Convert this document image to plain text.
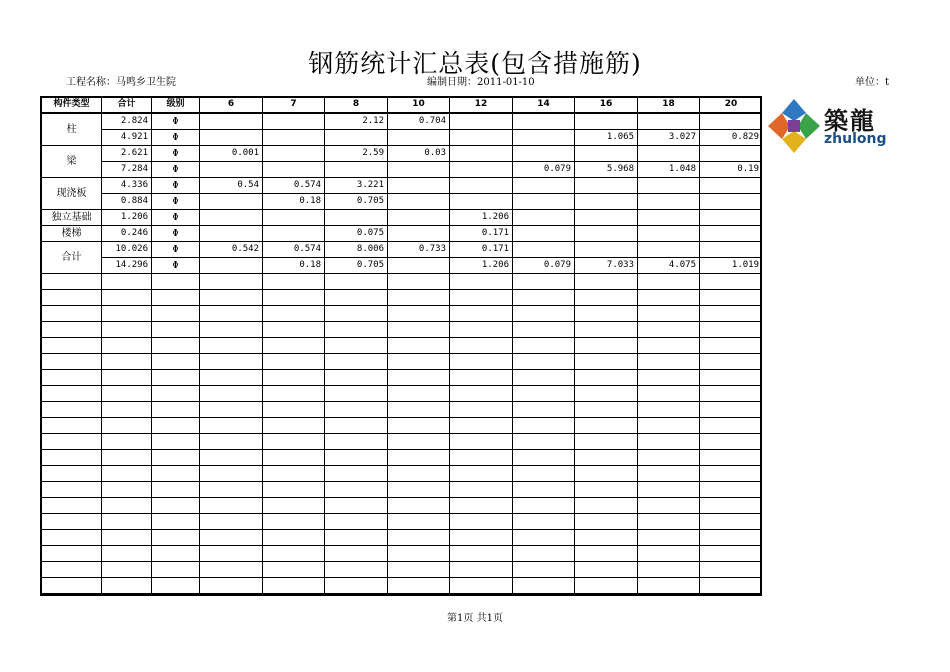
钢筋统计汇总表(包含措施筋)
工程名称：马鸣乡卫生院	编制日期：2011-01-10	单位：t
构件类型	合计	级别	6	7	8	10	12	14	16	18	20
柱	2.824	Φ			2.12	0.704					
	4.921	Φ							1.065	3.027	0.829
梁	2.621	Φ	0.001		2.59	0.03					
	7.284	Φ						0.079	5.968	1.048	0.19
现浇板	4.336	Φ	0.54	0.574	3.221						
	0.884	Φ		0.18	0.705						
独立基础	1.206	Φ					1.206				
楼梯	0.246	Φ			0.075		0.171				
合计	10.026	Φ	0.542	0.574	8.006	0.733	0.171				
	14.296	Φ		0.18	0.705		1.206	0.079	7.033	4.075	1.019

築龍
zhulong
第1页 共1页
